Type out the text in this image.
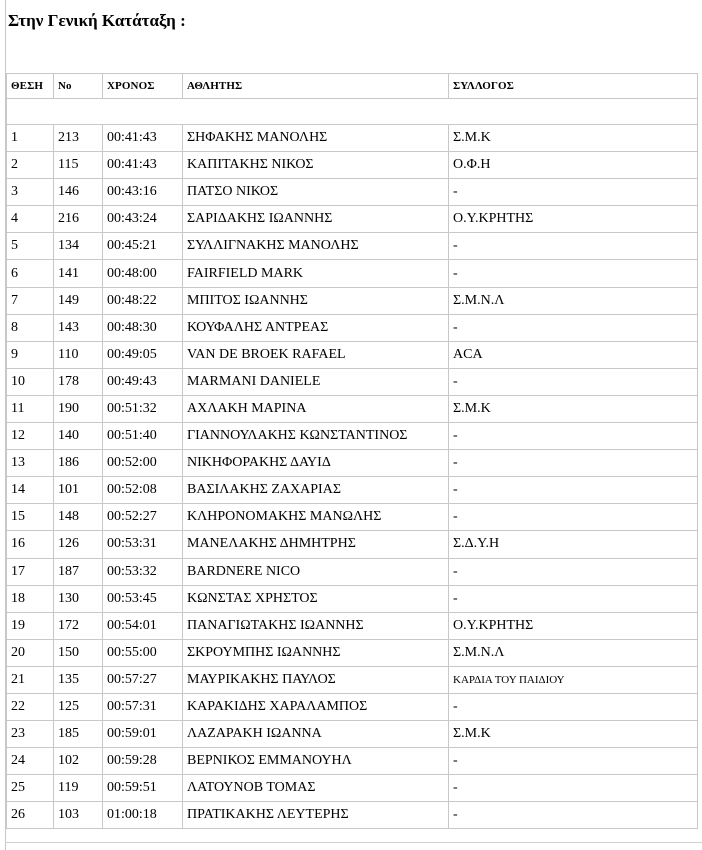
Στην Γενική Κατάταξη :
ΘΕΣΗ	Νο	ΧΡΟΝΟΣ	ΑΘΛΗΤΗΣ	ΣΥΛΛΟΓΟΣ

1	213	00:41:43	ΣΗΦΑΚΗΣ ΜΑΝΟΛΗΣ	Σ.Μ.Κ
2	115	00:41:43	ΚΑΠΙΤΑΚΗΣ ΝΙΚΟΣ	Ο.Φ.Η
3	146	00:43:16	ΠΑΤΣΟ ΝΙΚΟΣ	-
4	216	00:43:24	ΣΑΡΙΔΑΚΗΣ ΙΩΑΝΝΗΣ	Ο.Υ.ΚΡΗΤΗΣ
5	134	00:45:21	ΣΥΛΛΙΓΝΑΚΗΣ ΜΑΝΟΛΗΣ	-
6	141	00:48:00	FAIRFIELD MARK	-
7	149	00:48:22	ΜΠΙΤΟΣ ΙΩΑΝΝΗΣ	Σ.Μ.Ν.Λ
8	143	00:48:30	ΚΟΥΦΑΛΗΣ ΑΝΤΡΕΑΣ	-
9	110	00:49:05	VAN DE BROEK RAFAEL	ACA
10	178	00:49:43	MARMANI DANIELE	-
11	190	00:51:32	ΑΧΛΑΚΗ ΜΑΡΙΝΑ	Σ.Μ.Κ
12	140	00:51:40	ΓΙΑΝΝΟΥΛΑΚΗΣ ΚΩΝΣΤΑΝΤΙΝΟΣ	-
13	186	00:52:00	ΝΙΚΗΦΟΡΑΚΗΣ ΔΑΥΙΔ	-
14	101	00:52:08	ΒΑΣΙΛΑΚΗΣ ΖΑΧΑΡΙΑΣ	-
15	148	00:52:27	ΚΛΗΡΟΝΟΜΑΚΗΣ ΜΑΝΩΛΗΣ	-
16	126	00:53:31	ΜΑΝΕΛΑΚΗΣ ΔΗΜΗΤΡΗΣ	Σ.Δ.Υ.Η
17	187	00:53:32	BARDNERE NICO	-
18	130	00:53:45	ΚΩΝΣΤΑΣ ΧΡΗΣΤΟΣ	-
19	172	00:54:01	ΠΑΝΑΓΙΩΤΑΚΗΣ ΙΩΑΝΝΗΣ	Ο.Υ.ΚΡΗΤΗΣ
20	150	00:55:00	ΣΚΡΟΥΜΠΗΣ ΙΩΑΝΝΗΣ	Σ.Μ.Ν.Λ
21	135	00:57:27	ΜΑΥΡΙΚΑΚΗΣ ΠΑΥΛΟΣ	ΚΑΡΔΙΑ ΤΟΥ ΠΑΙΔΙΟΥ
22	125	00:57:31	ΚΑΡΑΚΙΔΗΣ ΧΑΡΑΛΑΜΠΟΣ	-
23	185	00:59:01	ΛΑΖΑΡΑΚΗ ΙΩΑΝΝΑ	Σ.Μ.Κ
24	102	00:59:28	ΒΕΡΝΙΚΟΣ ΕΜΜΑΝΟΥΗΛ	-
25	119	00:59:51	ΛΑΤΟΥΝΟΒ ΤΟΜΑΣ	-
26	103	01:00:18	ΠΡΑΤΙΚΑΚΗΣ ΛΕΥΤΕΡΗΣ	-
